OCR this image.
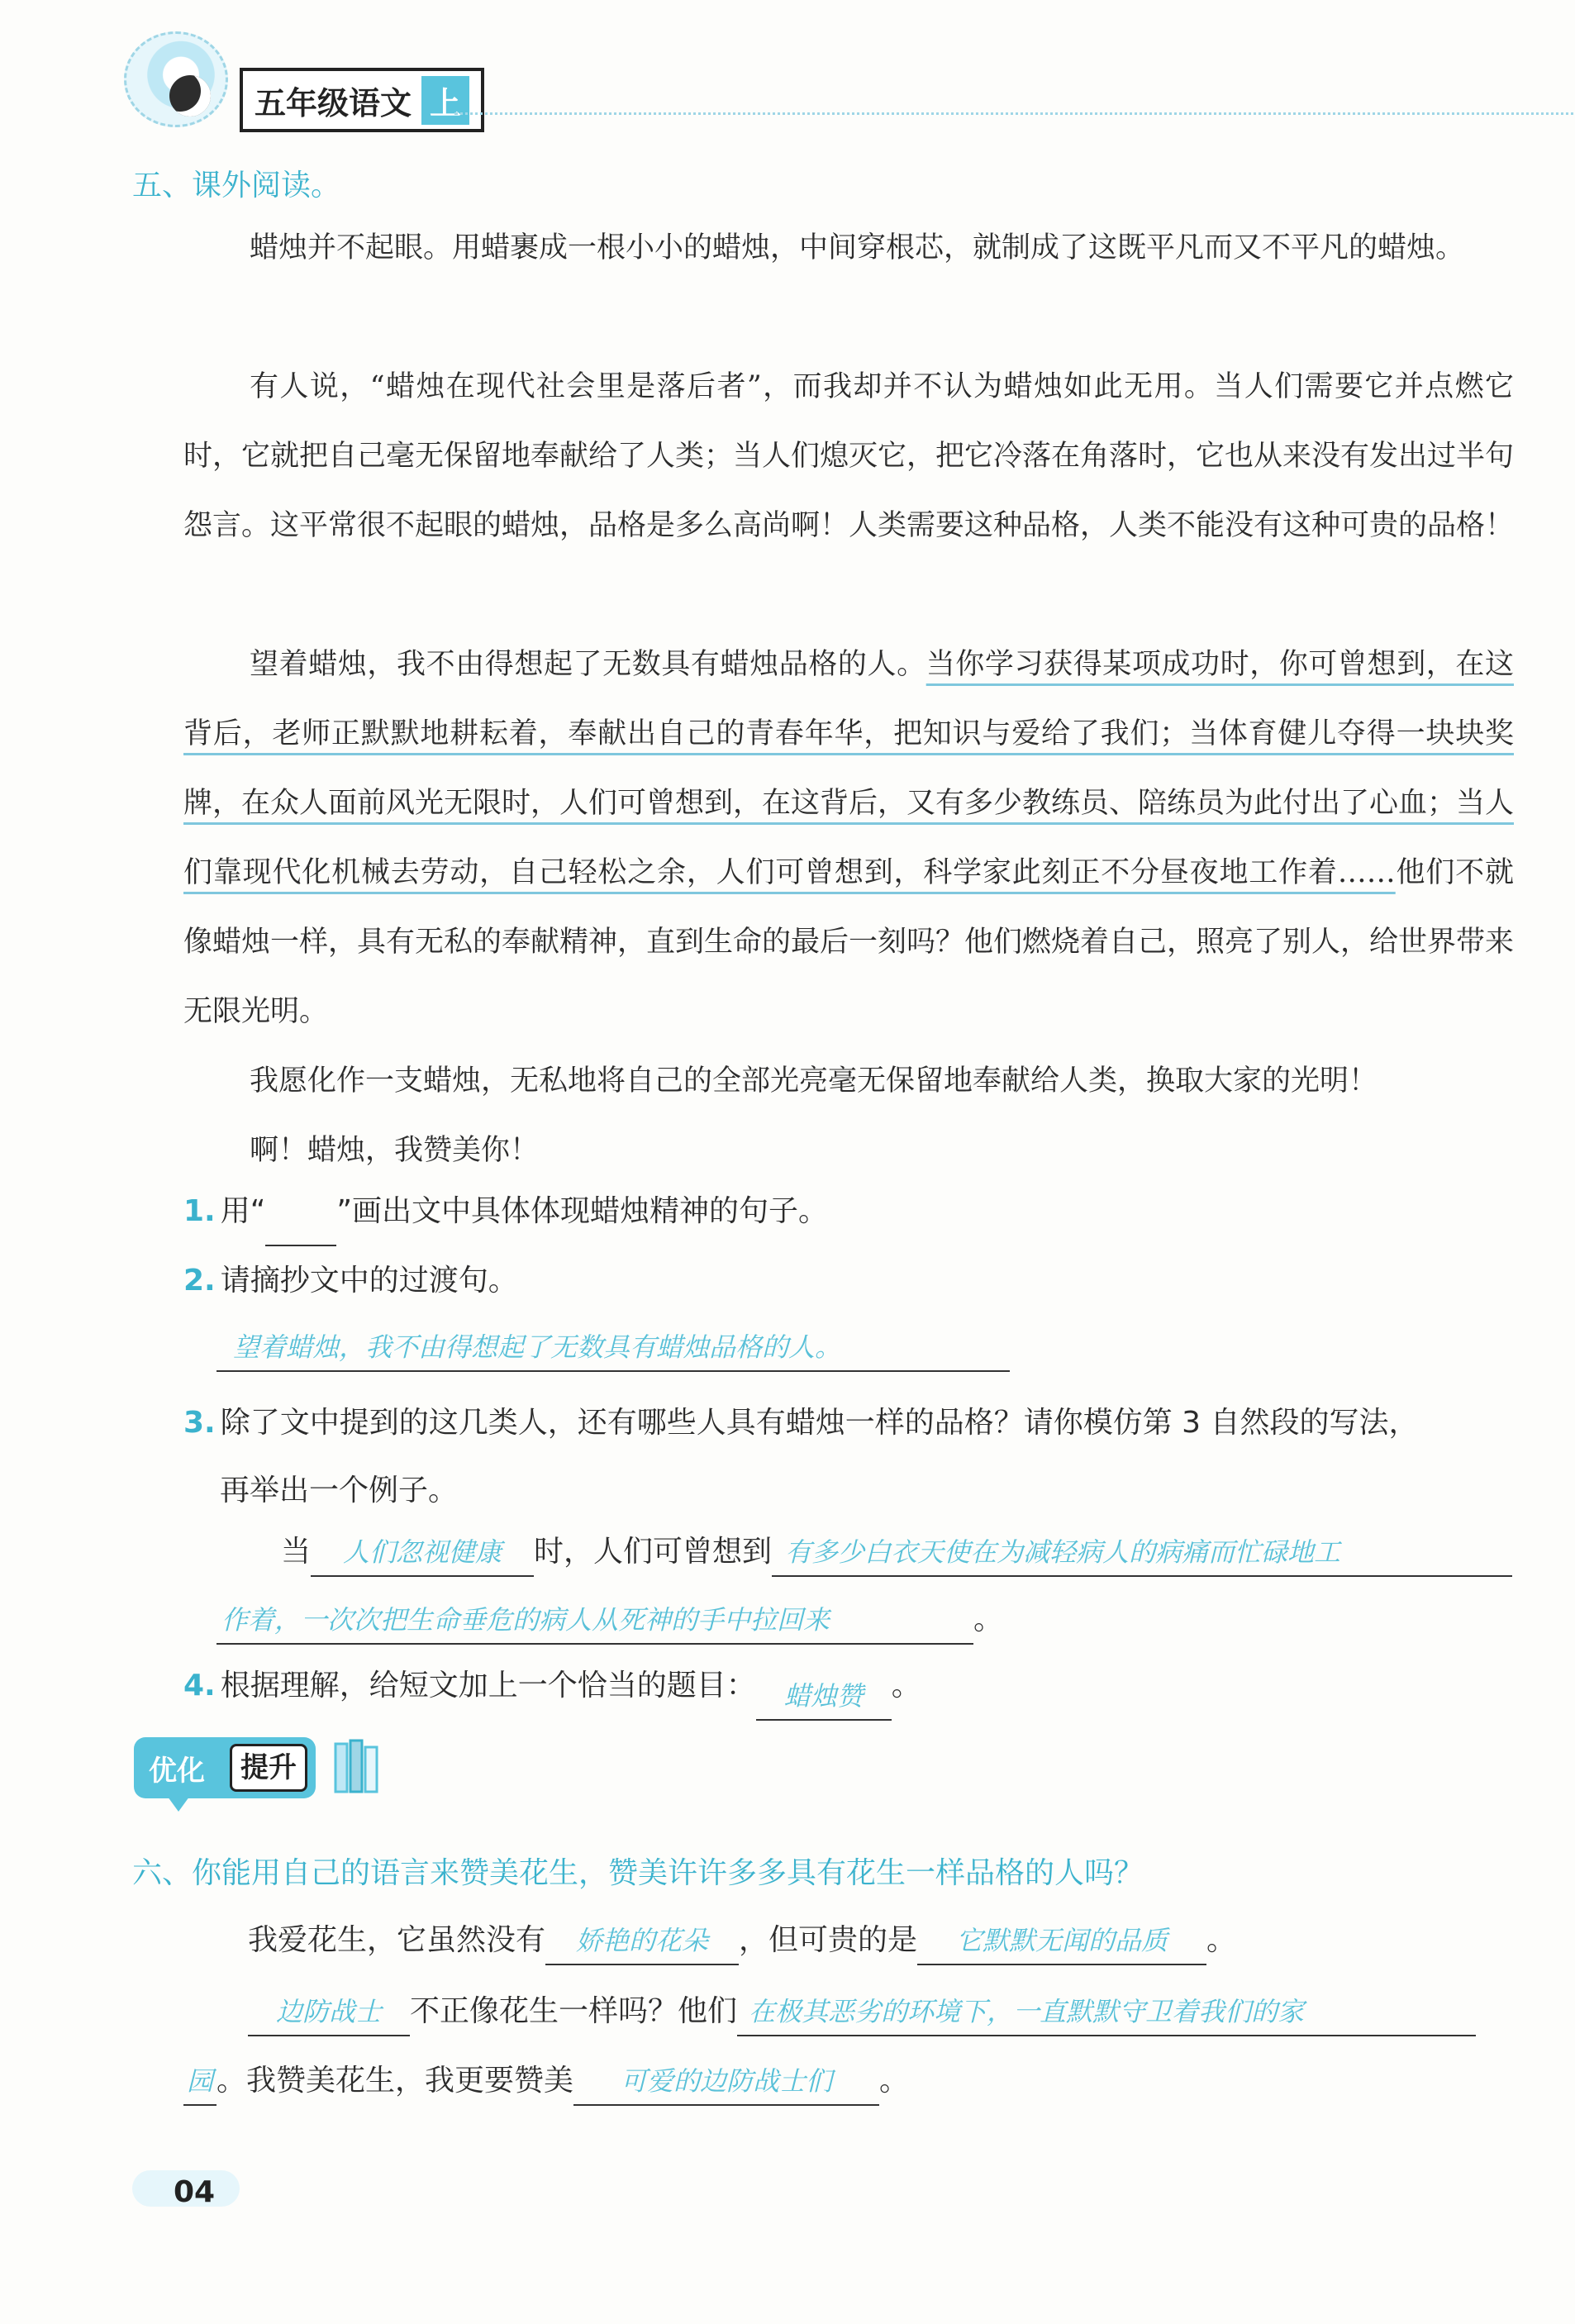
五年级语文 上
五、课外阅读。

蜡烛并不起眼。用蜡裹成一根小小的蜡烛，中间穿根芯，就制成了这既平凡而又不平凡的蜡烛。

有人说，“蜡烛在现代社会里是落后者”，而我却并不认为蜡烛如此无用。当人们需要它并点燃它时，它就把自己毫无保留地奉献给了人类；当人们熄灭它，把它冷落在角落时，它也从来没有发出过半句怨言。这平常很不起眼的蜡烛，品格是多么高尚啊！人类需要这种品格，人类不能没有这种可贵的品格！

望着蜡烛，我不由得想起了无数具有蜡烛品格的人。当你学习获得某项成功时，你可曾想到，在这背后，老师正默默地耕耘着，奉献出自己的青春年华，把知识与爱给了我们；当体育健儿夺得一块块奖牌，在众人面前风光无限时，人们可曾想到，在这背后，又有多少教练员、陪练员为此付出了心血；当人们靠现代化机械去劳动，自己轻松之余，人们可曾想到，科学家此刻正不分昼夜地工作着……他们不就像蜡烛一样，具有无私的奉献精神，直到生命的最后一刻吗？他们燃烧着自己，照亮了别人，给世界带来无限光明。

我愿化作一支蜡烛，无私地将自己的全部光亮毫无保留地奉献给人类，换取大家的光明！

啊！蜡烛，我赞美你！

1. 用“ ”画出文中具体体现蜡烛精神的句子。
2. 请摘抄文中的过渡句。
望着蜡烛，我不由得想起了无数具有蜡烛品格的人。
3. 除了文中提到的这几类人，还有哪些人具有蜡烛一样的品格？请你模仿第 3 自然段的写法，
再举出一个例子。
当	人们忽视健康	时，人们可曾想到 有多少白衣天使在为减轻病人的病痛而忙碌地工
作着，一次次把生命垂危的病人从死神的手中拉回来	。
4. 根据理解，给短文加上一个恰当的题目： 蜡烛赞 。
优化	提升
六、你能用自己的语言来赞美花生，赞美许许多多具有花生一样品格的人吗？
我爱花生，它虽然没有	娇艳的花朵	，但可贵的是	它默默无闻的品质	。
边防战士 不正像花生一样吗？他们 在极其恶劣的环境下，一直默默守卫着我们的家
园 。我赞美花生，我更要赞美	可爱的边防战士们	。
04
